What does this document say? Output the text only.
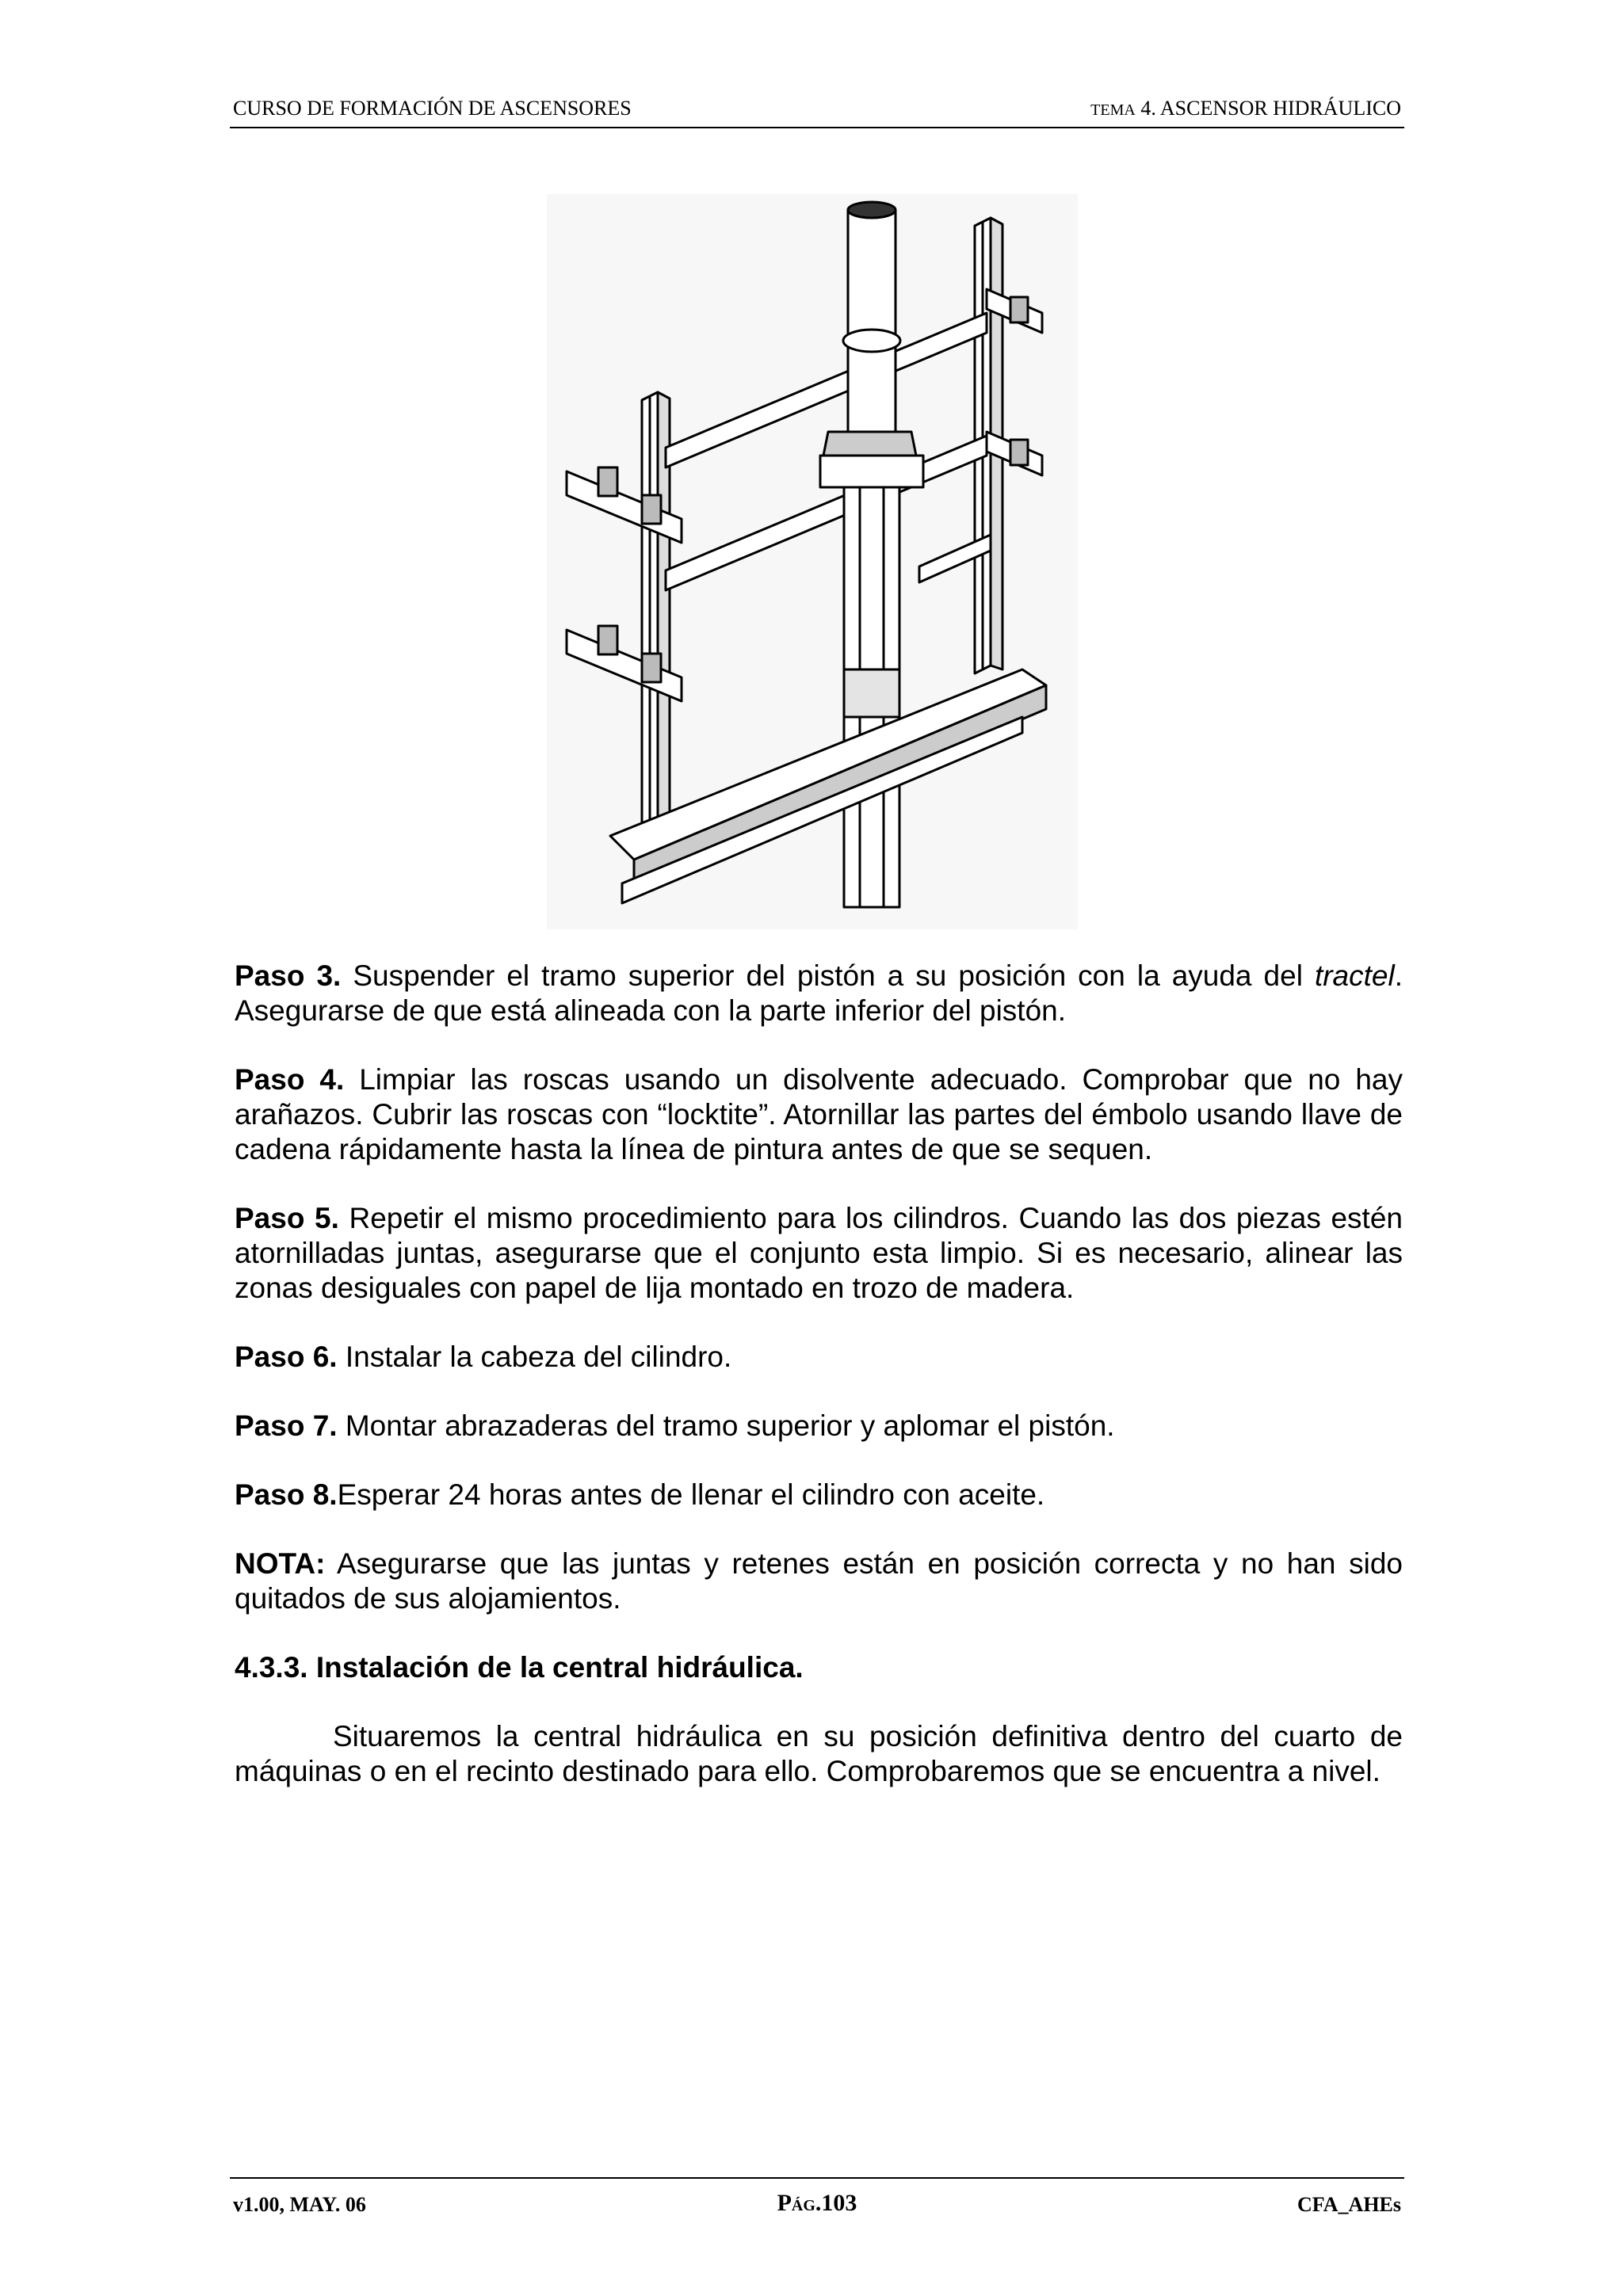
CURSO DE FORMACIÓN DE ASCENSORES	TEMA 4. ASCENSOR HIDRÁULICO

Paso 3. Suspender el tramo superior del pistón a su posición con la ayuda del tractel. Asegurarse de que está alineada con la parte inferior del pistón.

Paso 4. Limpiar las roscas usando un disolvente adecuado. Comprobar que no hay arañazos. Cubrir las roscas con “locktite”. Atornillar las partes del émbolo usando llave de cadena rápidamente hasta la línea de pintura antes de que se sequen.

Paso 5. Repetir el mismo procedimiento para los cilindros. Cuando las dos piezas estén atornilladas juntas, asegurarse que el conjunto esta limpio. Si es necesario, alinear las zonas desiguales con papel de lija montado en trozo de madera.

Paso 6. Instalar la cabeza del cilindro.

Paso 7. Montar abrazaderas del tramo superior y aplomar el pistón.

Paso 8.Esperar 24 horas antes de llenar el cilindro con aceite.

NOTA: Asegurarse que las juntas y retenes están en posición correcta y no han sido quitados de sus alojamientos.

4.3.3. Instalación de la central hidráulica.

Situaremos la central hidráulica en su posición definitiva dentro del cuarto de máquinas o en el recinto destinado para ello. Comprobaremos que se encuentra a nivel.

v1.00, MAY. 06	PÁG.103	CFA_AHEs
